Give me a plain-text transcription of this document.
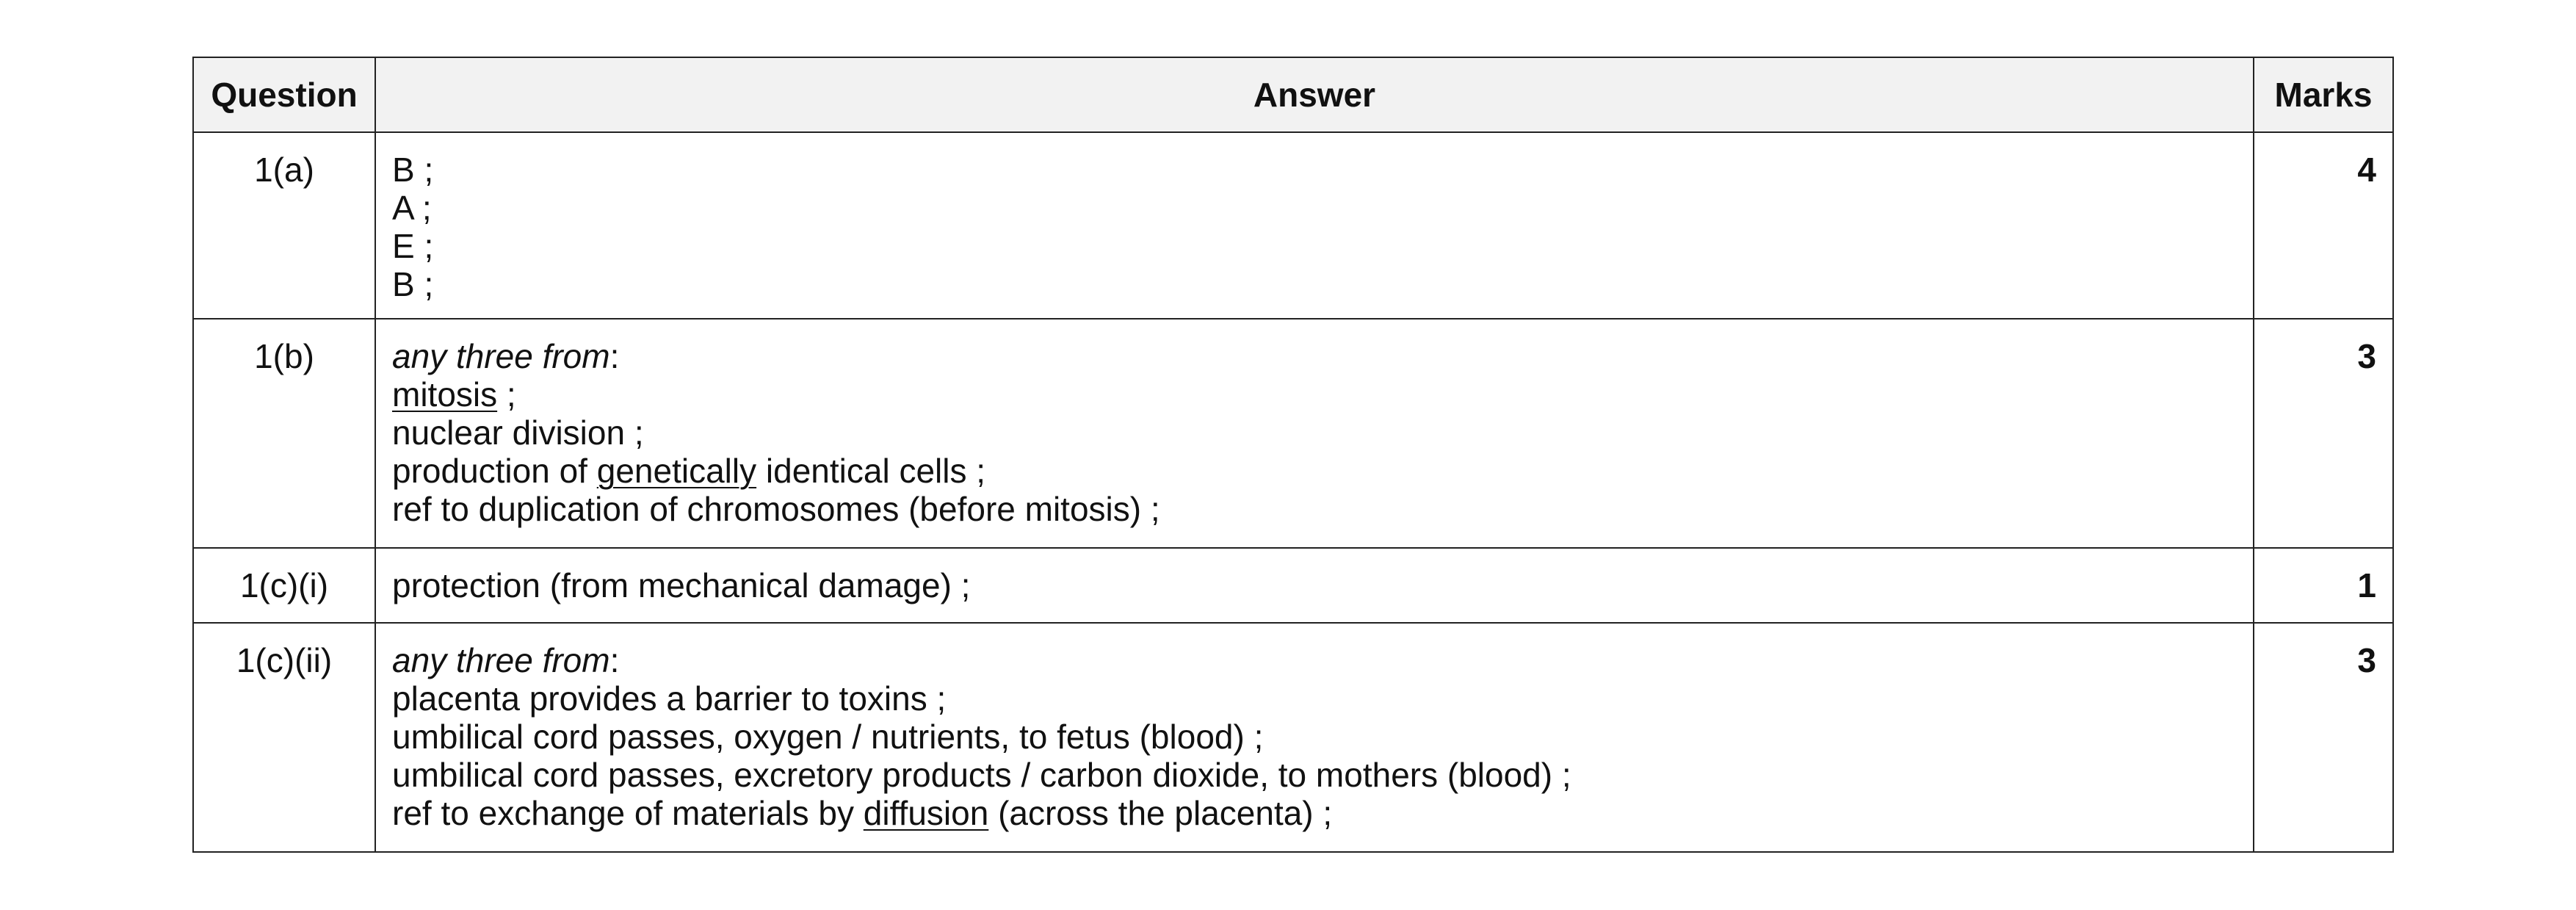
Question	Answer	Marks
1(a)	B ;
A ;
E ;
B ;	4
1(b)	any three from:
mitosis ;
nuclear division ;
production of genetically identical cells ;
ref to duplication of chromosomes (before mitosis) ;	3
1(c)(i)	protection (from mechanical damage) ;	1
1(c)(ii)	any three from:
placenta provides a barrier to toxins ;
umbilical cord passes, oxygen / nutrients, to fetus (blood) ;
umbilical cord passes, excretory products / carbon dioxide, to mothers (blood) ;
ref to exchange of materials by diffusion (across the placenta) ;	3
